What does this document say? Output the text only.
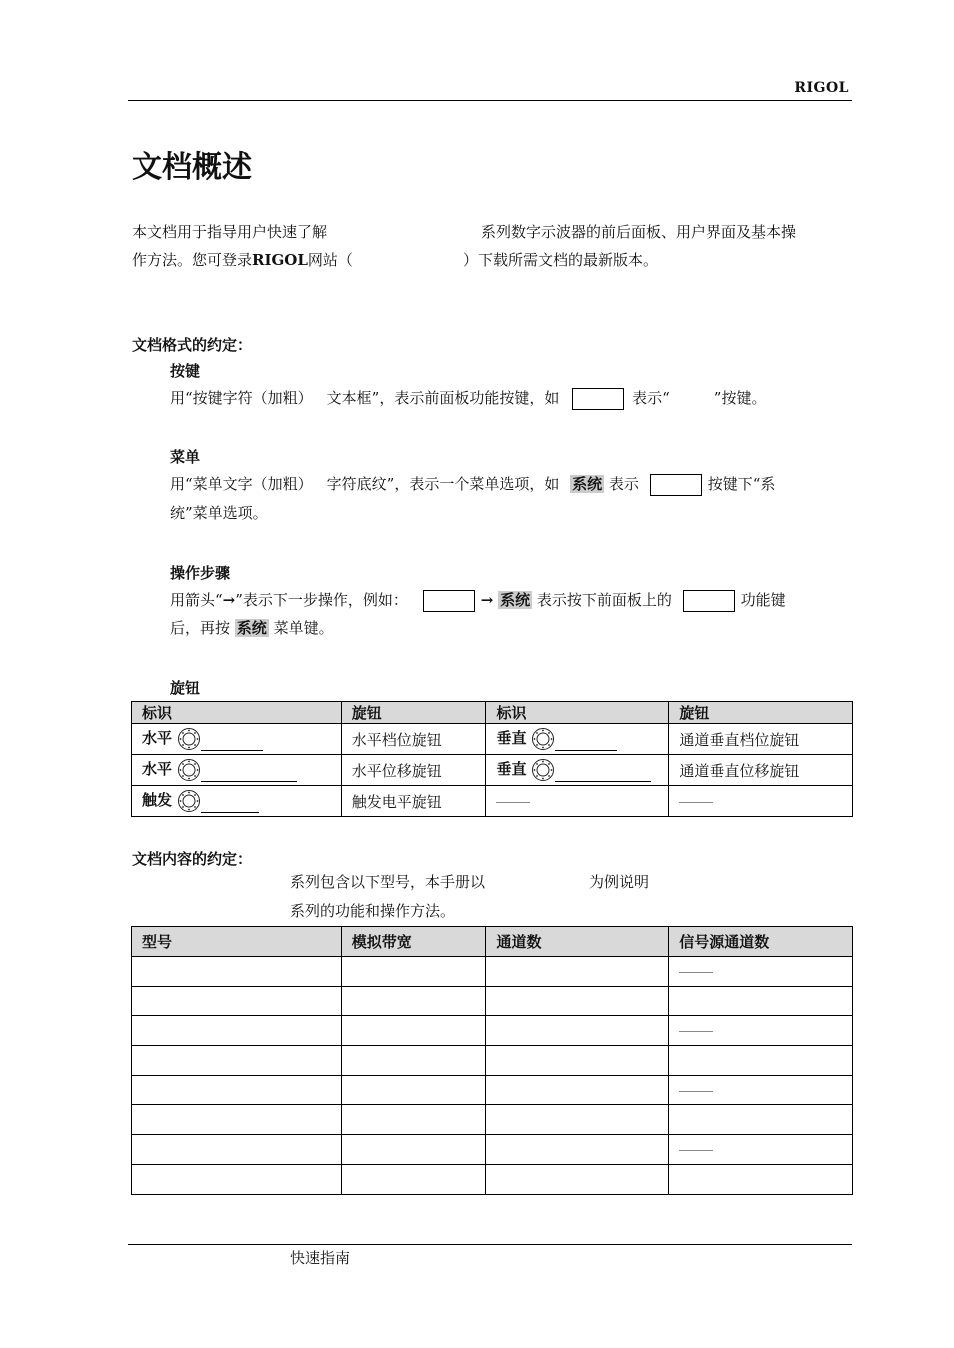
RIGOL
文档概述
本文档用于指导用户快速了解	系列数字示波器的前后面板、用户界面及基本操
作方法。您可登录RIGOL网站（	）下载所需文档的最新版本。
文档格式的约定：
按键
用“按键字符（加粗） 文本框”，表示前面板功能按键，如	表示“	”按键。
菜单
用“菜单文字（加粗） 字符底纹”，表示一个菜单选项，如 系统 表示	按键下“系
统”菜单选项。
操作步骤
用箭头“→”表示下一步操作，例如：	→ 系统 表示按下前面板上的	功能键
后，再按 系统 菜单键。
旋钮
标识	旋钮	标识	旋钮
水平	水平档位旋钮	垂直	通道垂直档位旋钮
水平	水平位移旋钮	垂直	通道垂直位移旋钮
触发	触发电平旋钮		
文档内容的约定：
系列包含以下型号，本手册以	为例说明
系列的功能和操作方法。
型号	模拟带宽	通道数	信号源通道数

快速指南
